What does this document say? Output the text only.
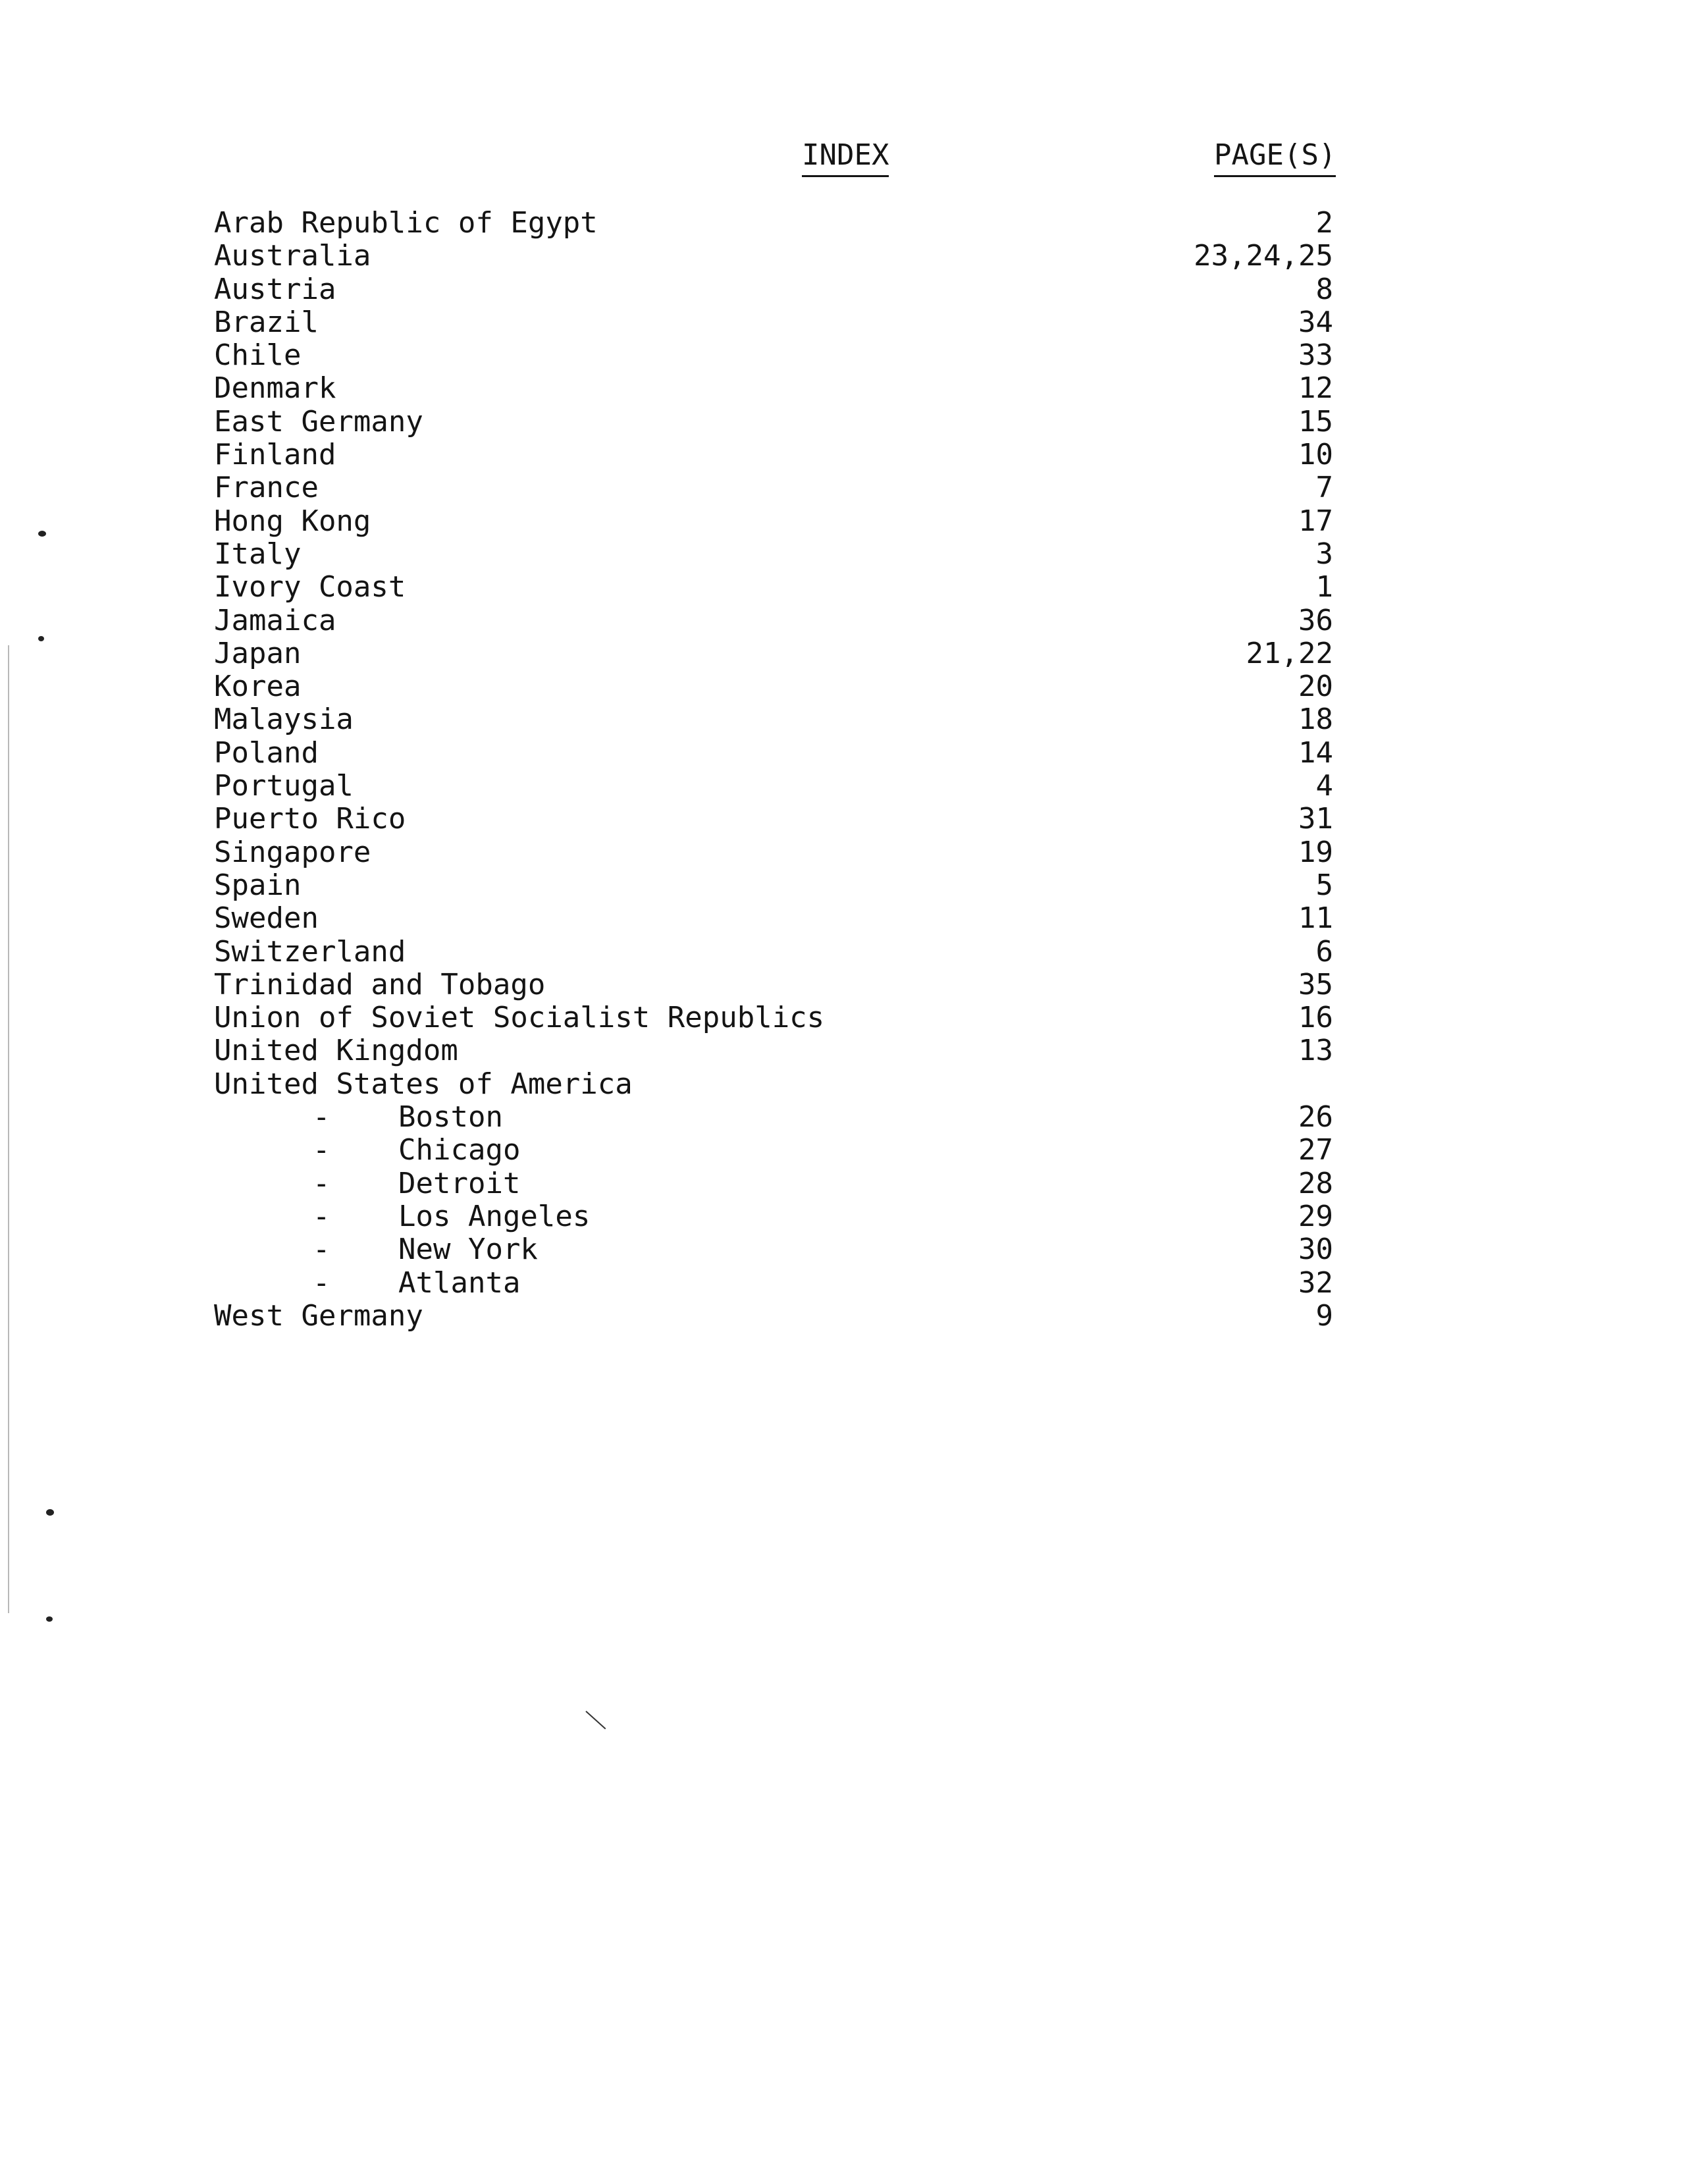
INDEX	PAGE(S)
Arab Republic of Egypt	2
Australia	23,24,25
Austria	8
Brazil	34
Chile	33
Denmark	12
East Germany	15
Finland	10
France	7
Hong Kong	17
Italy	3
Ivory Coast	1
Jamaica	36
Japan	21,22
Korea	20
Malaysia	18
Poland	14
Portugal	4
Puerto Rico	31
Singapore	19
Spain	5
Sweden	11
Switzerland	6
Trinidad and Tobago	35
Union of Soviet Socialist Republics	16
United Kingdom	13
United States of America
- Boston	26
- Chicago	27
- Detroit	28
- Los Angeles	29
- New York	30
- Atlanta	32
West Germany	9
